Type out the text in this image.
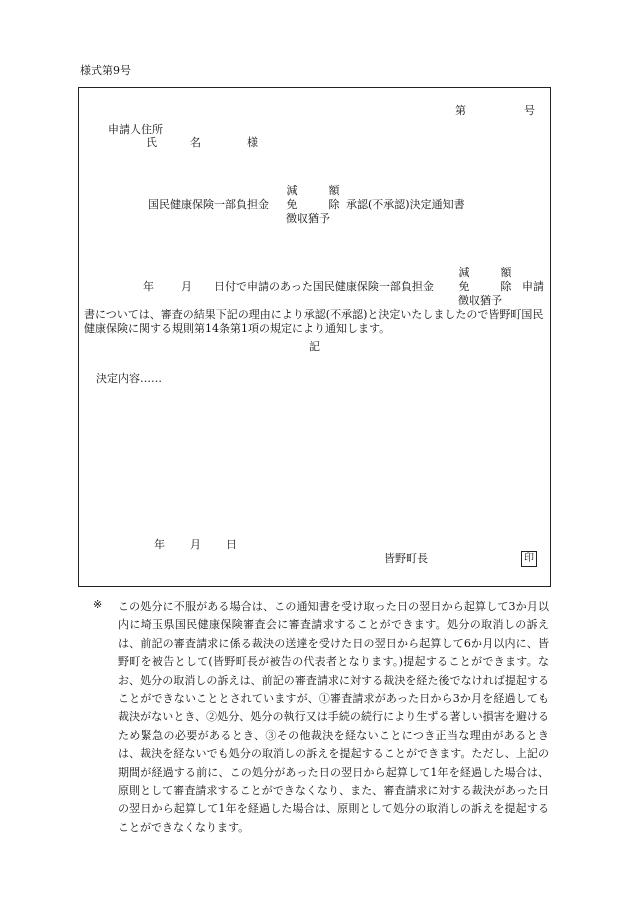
様式第9号
第	号
申請人住所
氏	名	様
国民健康保険一部負担金
減	額
免	除
徴収猶予
承認(不承認)決定通知書
年 月 日付で申請のあった国民健康保険一部負担金
減	額
免	除
徴収猶予
申請
書については、審査の結果下記の理由により承認(不承認)と決定いたしましたので皆野町国民健康保険に関する規則第14条第1項の規定により通知します。
記
決定内容……
年 月 日
皆野町長	印
※ この処分に不服がある場合は、この通知書を受け取った日の翌日から起算して3か月以内に埼玉県国民健康保険審査会に審査請求することができます。処分の取消しの訴えは、前記の審査請求に係る裁決の送達を受けた日の翌日から起算して6か月以内に、皆野町を被告として(皆野町長が被告の代表者となります。)提起することができます。なお、処分の取消しの訴えは、前記の審査請求に対する裁決を経た後でなければ提起することができないこととされていますが、①審査請求があった日から3か月を経過しても裁決がないとき、②処分、処分の執行又は手続の続行により生ずる著しい損害を避けるため緊急の必要があるとき、③その他裁決を経ないことにつき正当な理由があるときは、裁決を経ないでも処分の取消しの訴えを提起することができます。ただし、上記の期間が経過する前に、この処分があった日の翌日から起算して1年を経過した場合は、原則として審査請求することができなくなり、また、審査請求に対する裁決があった日の翌日から起算して1年を経過した場合は、原則として処分の取消しの訴えを提起することができなくなります。
